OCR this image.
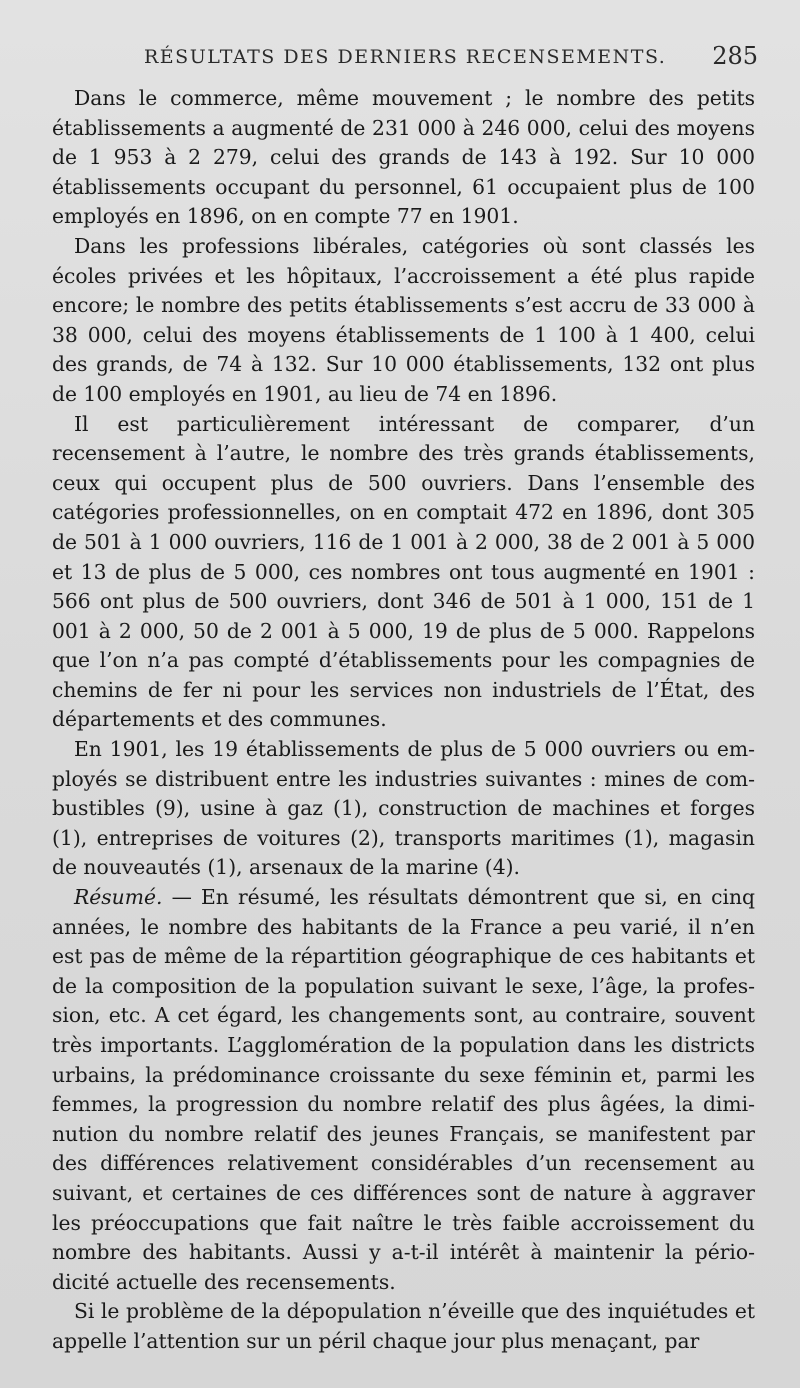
RÉSULTATS DES DERNIERS RECENSEMENTS. 285

Dans le commerce, même mouvement ; le nombre des petits établissements a augmenté de 231 000 à 246 000, celui des moyens de 1 953 à 2 279, celui des grands de 143 à 192. Sur 10 000 établissements occupant du personnel, 61 occupaient plus de 100 employés en 1896, on en compte 77 en 1901.

Dans les professions libérales, catégories où sont classés les écoles privées et les hôpitaux, l’accroissement a été plus rapide encore; le nombre des petits établissements s’est accru de 33 000 à 38 000, celui des moyens établissements de 1 100 à 1 400, celui des grands, de 74 à 132. Sur 10 000 établissements, 132 ont plus de 100 employés en 1901, au lieu de 74 en 1896.

Il est particulièrement intéressant de comparer, d’un recensement à l’autre, le nombre des très grands établissements, ceux qui occupent plus de 500 ouvriers. Dans l’ensemble des catégories professionnelles, on en comptait 472 en 1896, dont 305 de 501 à 1 000 ouvriers, 116 de 1 001 à 2 000, 38 de 2 001 à 5 000 et 13 de plus de 5 000, ces nombres ont tous augmenté en 1901 : 566 ont plus de 500 ouvriers, dont 346 de 501 à 1 000, 151 de 1 001 à 2 000, 50 de 2 001 à 5 000, 19 de plus de 5 000. Rappelons que l’on n’a pas compté d’établissements pour les compagnies de chemins de fer ni pour les services non industriels de l’État, des départements et des communes.

En 1901, les 19 établissements de plus de 5 000 ouvriers ou employés se distribuent entre les industries suivantes : mines de combustibles (9), usine à gaz (1), construction de machines et forges (1), entreprises de voitures (2), transports maritimes (1), magasin de nouveautés (1), arsenaux de la marine (4).

Résumé. — En résumé, les résultats démontrent que si, en cinq années, le nombre des habitants de la France a peu varié, il n’en est pas de même de la répartition géographique de ces habitants et de la composition de la population suivant le sexe, l’âge, la profession, etc. A cet égard, les changements sont, au contraire, souvent très importants. L’agglomération de la population dans les districts urbains, la prédominance croissante du sexe féminin et, parmi les femmes, la progression du nombre relatif des plus âgées, la diminution du nombre relatif des jeunes Français, se manifestent par des différences relativement considérables d’un recensement au suivant, et certaines de ces différences sont de nature à aggraver les préoccupations que fait naître le très faible accroissement du nombre des habitants. Aussi y a-t-il intérêt à maintenir la périodicité actuelle des recensements.

Si le problème de la dépopulation n’éveille que des inquiétudes et appelle l’attention sur un péril chaque jour plus menaçant, par
